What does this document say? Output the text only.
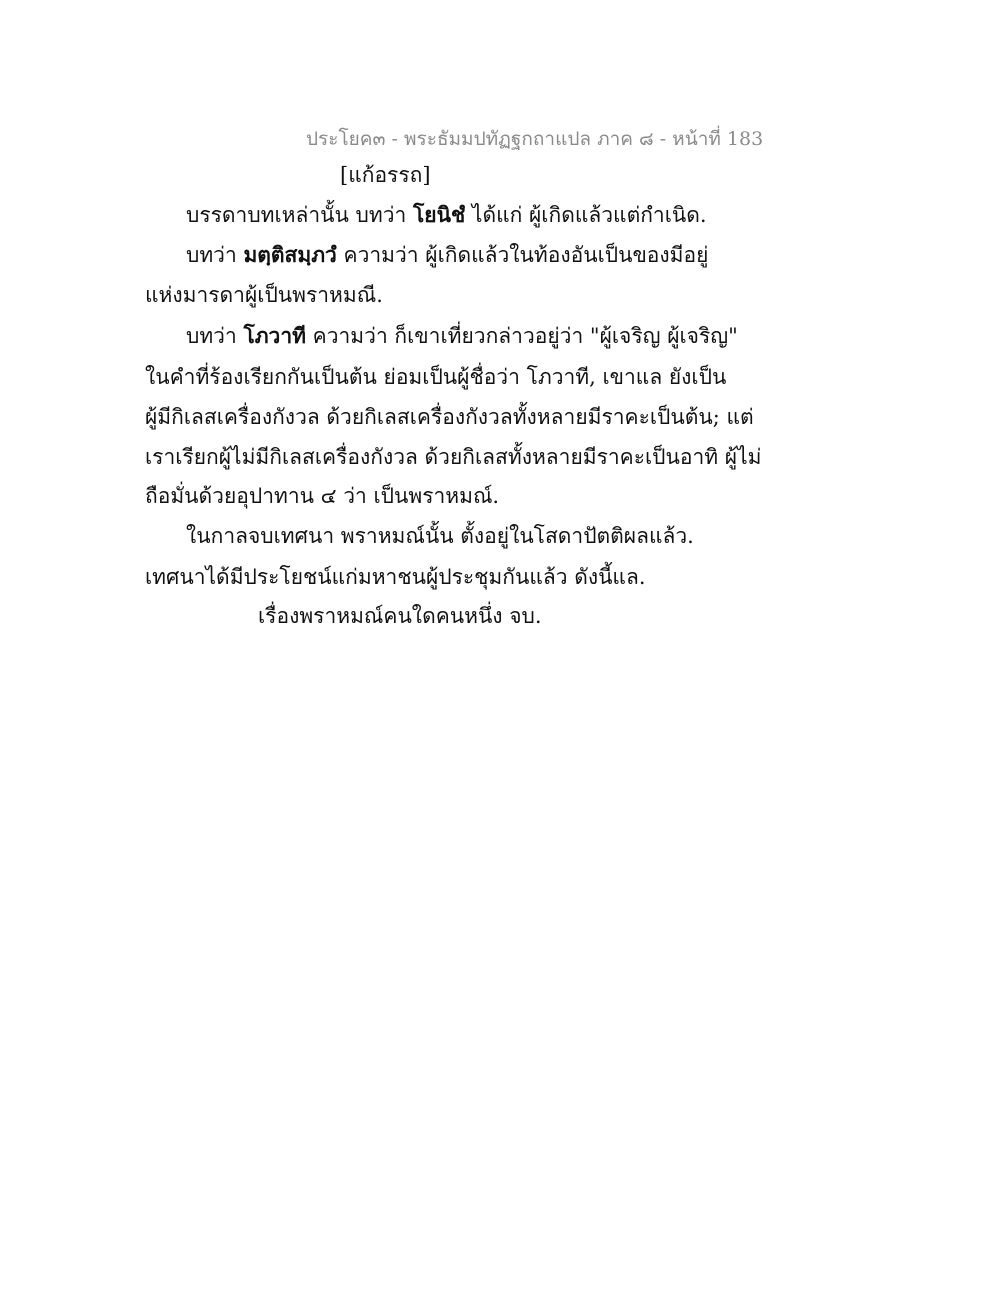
ประโยค๓ - พระธัมมปทัฏฐกถาแปล ภาค ๘ - หน้าที่ 183
[แก้อรรถ]
บรรดาบทเหล่านั้น บทว่า โยนิชํ ได้แก่ ผู้เกิดแล้วแต่กำเนิด.
บทว่า มตฺติสมฺภวํ ความว่า ผู้เกิดแล้วในท้องอันเป็นของมีอยู่
แห่งมารดาผู้เป็นพราหมณี.
บทว่า โภวาที ความว่า ก็เขาเที่ยวกล่าวอยู่ว่า "ผู้เจริญ ผู้เจริญ"
ในคำที่ร้องเรียกกันเป็นต้น ย่อมเป็นผู้ชื่อว่า โภวาที, เขาแล ยังเป็น
ผู้มีกิเลสเครื่องกังวล ด้วยกิเลสเครื่องกังวลทั้งหลายมีราคะเป็นต้น; แต่
เราเรียกผู้ไม่มีกิเลสเครื่องกังวล ด้วยกิเลสทั้งหลายมีราคะเป็นอาทิ ผู้ไม่
ถือมั่นด้วยอุปาทาน ๔ ว่า เป็นพราหมณ์.
ในกาลจบเทศนา พราหมณ์นั้น ตั้งอยู่ในโสดาปัตติผลแล้ว.
เทศนาได้มีประโยชน์แก่มหาชนผู้ประชุมกันแล้ว ดังนี้แล.
เรื่องพราหมณ์คนใดคนหนึ่ง จบ.
